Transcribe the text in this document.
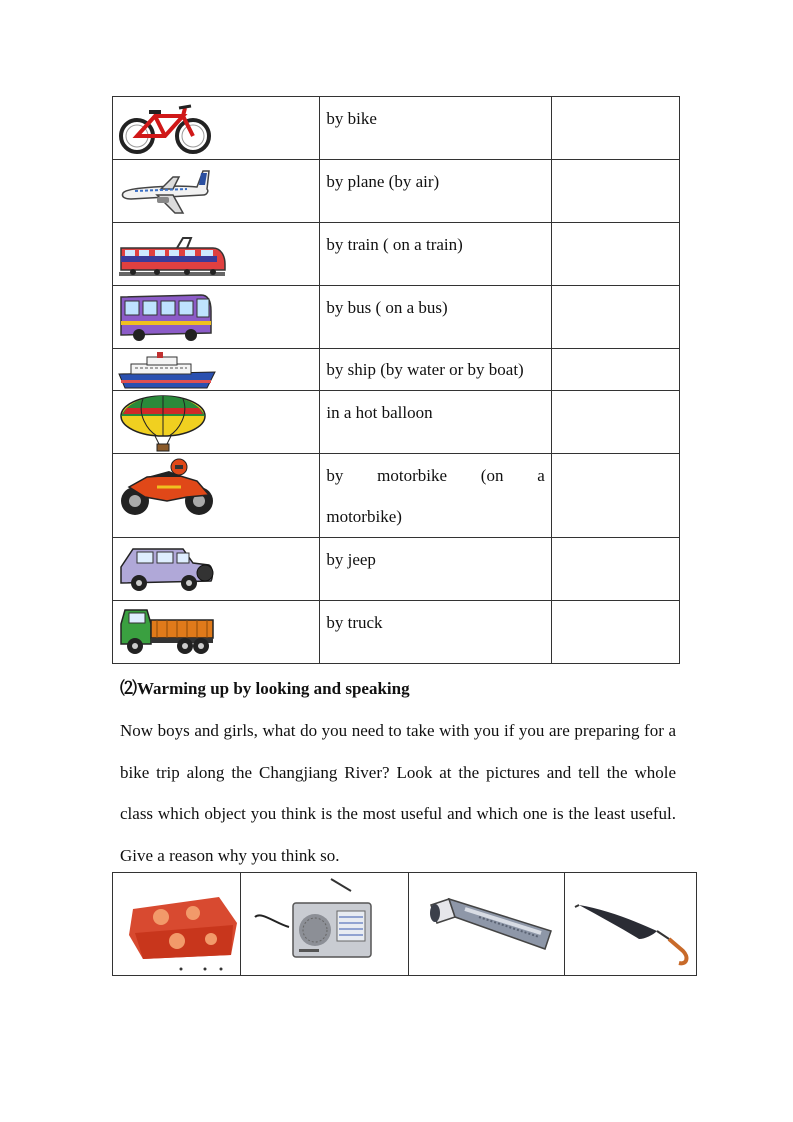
by bike	

by plane (by air)	

by train ( on a train)	

by bus ( on a bus)	

by ship (by water or by boat)	

in a hot balloon	

by motorbike (on a
motorbike)	

by jeep	

by truck	

⑵Warming up by looking and speaking
Now boys and girls, what do you need to take with you if you are preparing for a bike trip along the Changjiang River? Look at the pictures and tell the whole class which object you think is the most useful and which one is the least useful. Give a reason why you think so.
